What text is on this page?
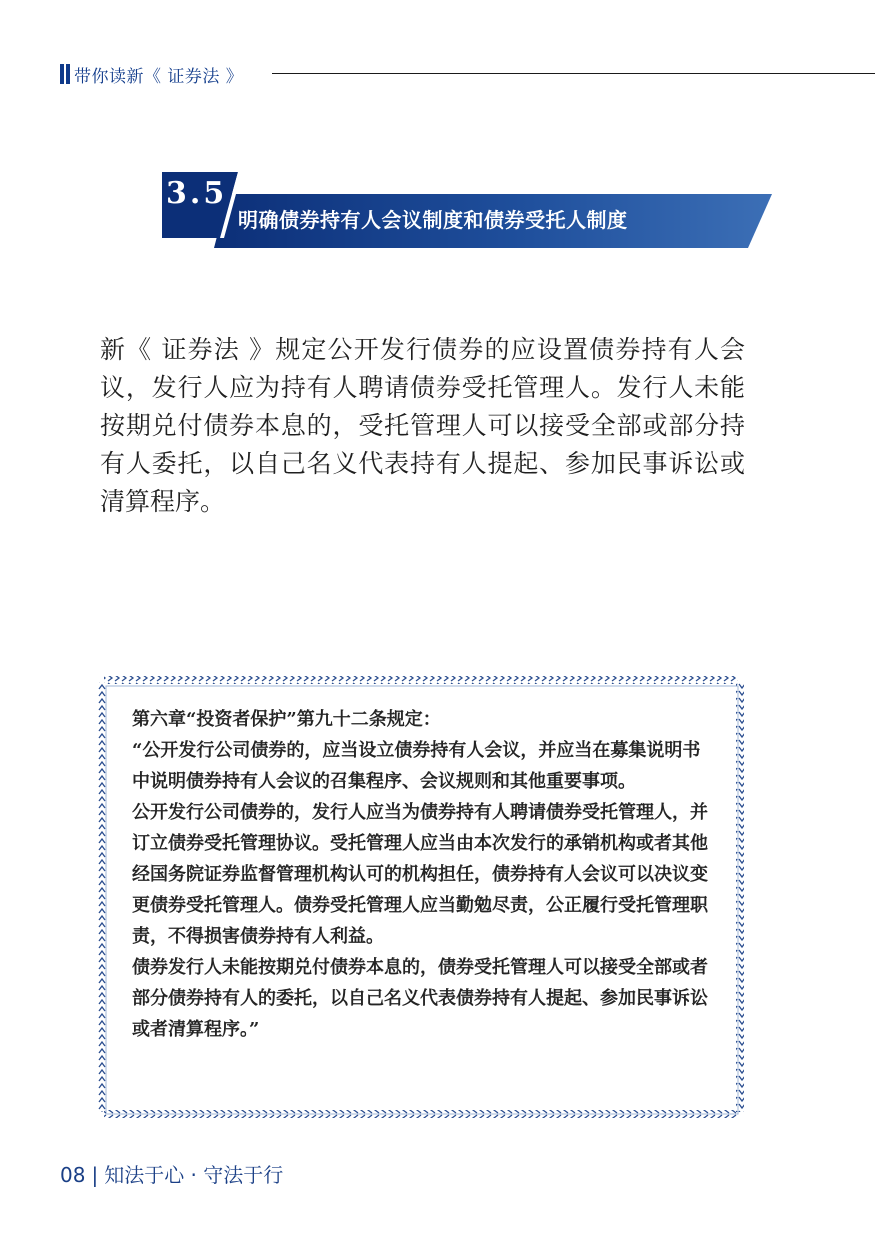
带你读新《 证券法 》
3.5
明确债券持有人会议制度和债券受托人制度
新《 证券法 》规定公开发行债券的应设置债券持有人会议，发行人应为持有人聘请债券受托管理人。发行人未能按期兑付债券本息的，受托管理人可以接受全部或部分持有人委托，以自己名义代表持有人提起、参加民事诉讼或清算程序。

第六章“投资者保护”第九十二条规定：

“公开发行公司债券的，应当设立债券持有人会议，并应当在募集说明书中说明债券持有人会议的召集程序、会议规则和其他重要事项。

公开发行公司债券的，发行人应当为债券持有人聘请债券受托管理人，并订立债券受托管理协议。受托管理人应当由本次发行的承销机构或者其他经国务院证券监督管理机构认可的机构担任，债券持有人会议可以决议变更债券受托管理人。债券受托管理人应当勤勉尽责，公正履行受托管理职责，不得损害债券持有人利益。

债券发行人未能按期兑付债券本息的，债券受托管理人可以接受全部或者部分债券持有人的委托，以自己名义代表债券持有人提起、参加民事诉讼或者清算程序。”

08 | 知法于心 · 守法于行
